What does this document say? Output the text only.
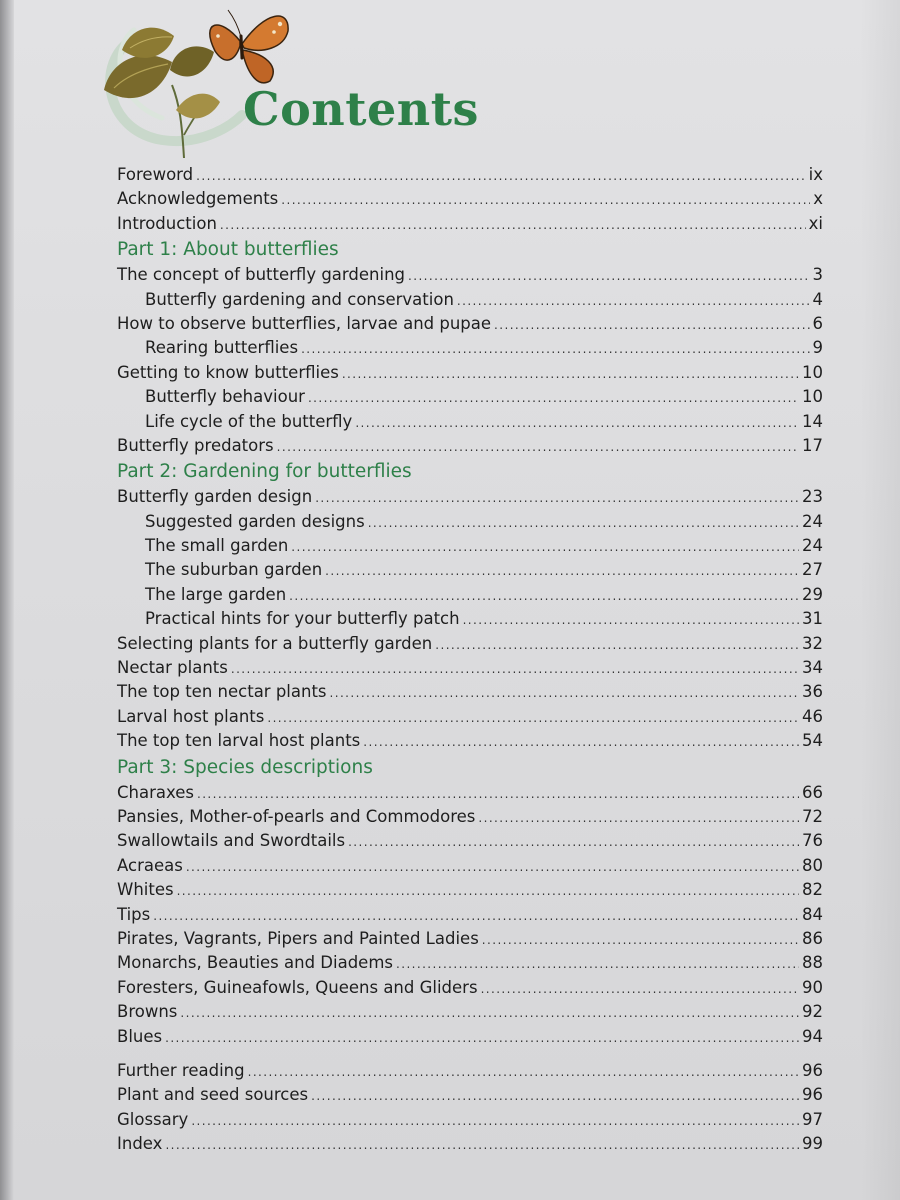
Contents
Foreword .....	ix
Acknowledgements .....	x
Introduction .....	xi
Part 1: About butterflies
The concept of butterfly gardening .....	3
Butterfly gardening and conservation .....	4
How to observe butterflies, larvae and pupae .....	6
Rearing butterflies .....	9
Getting to know butterflies .....	10
Butterfly behaviour .....	10
Life cycle of the butterfly .....	14
Butterfly predators .....	17
Part 2: Gardening for butterflies
Butterfly garden design .....	23
Suggested garden designs .....	24
The small garden .....	24
The suburban garden .....	27
The large garden .....	29
Practical hints for your butterfly patch .....	31
Selecting plants for a butterfly garden .....	32
Nectar plants .....	34
The top ten nectar plants .....	36
Larval host plants .....	46
The top ten larval host plants .....	54
Part 3: Species descriptions
Charaxes .....	66
Pansies, Mother-of-pearls and Commodores .....	72
Swallowtails and Swordtails .....	76
Acraeas .....	80
Whites .....	82
Tips .....	84
Pirates, Vagrants, Pipers and Painted Ladies .....	86
Monarchs, Beauties and Diadems .....	88
Foresters, Guineafowls, Queens and Gliders .....	90
Browns .....	92
Blues .....	94
Further reading .....	96
Plant and seed sources .....	96
Glossary .....	97
Index .....	99
